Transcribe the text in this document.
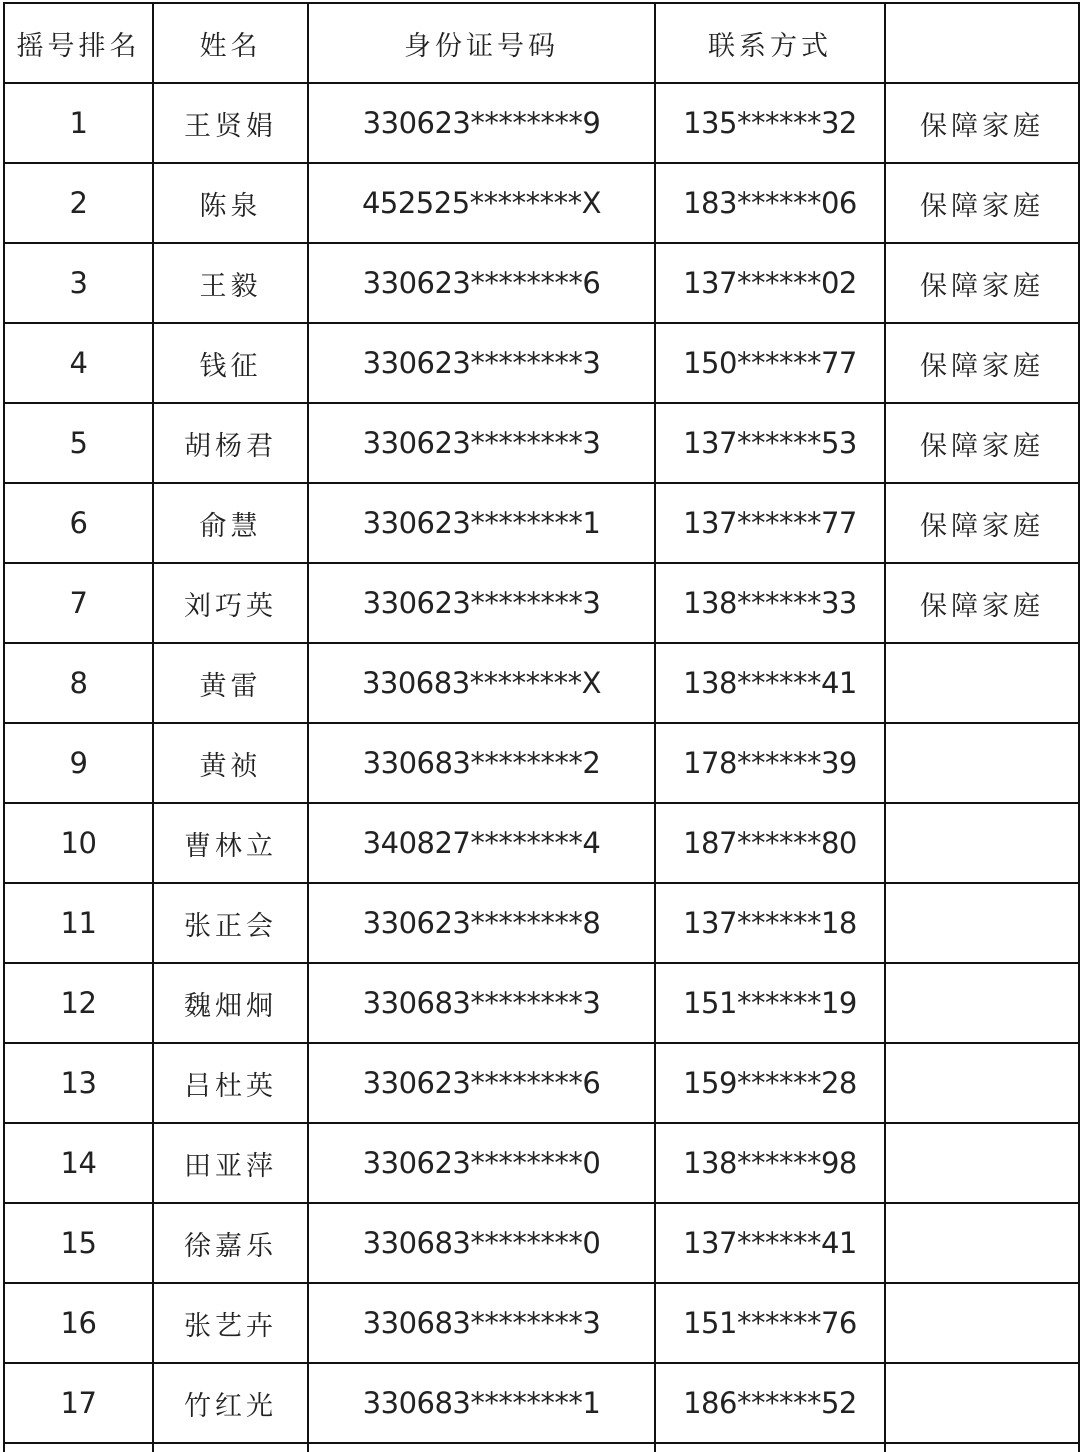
摇号排名	姓名	身份证号码	联系方式	
1	王贤娟	330623********9	135******32	保障家庭
2	陈泉	452525********X	183******06	保障家庭
3	王毅	330623********6	137******02	保障家庭
4	钱征	330623********3	150******77	保障家庭
5	胡杨君	330623********3	137******53	保障家庭
6	俞慧	330623********1	137******77	保障家庭
7	刘巧英	330623********3	138******33	保障家庭
8	黄雷	330683********X	138******41	
9	黄祯	330683********2	178******39	
10	曹林立	340827********4	187******80	
11	张正会	330623********8	137******18	
12	魏畑炯	330683********3	151******19	
13	吕杜英	330623********6	159******28	
14	田亚萍	330623********0	138******98	
15	徐嘉乐	330683********0	137******41	
16	张艺卉	330683********3	151******76	
17	竹红光	330683********1	186******52	
